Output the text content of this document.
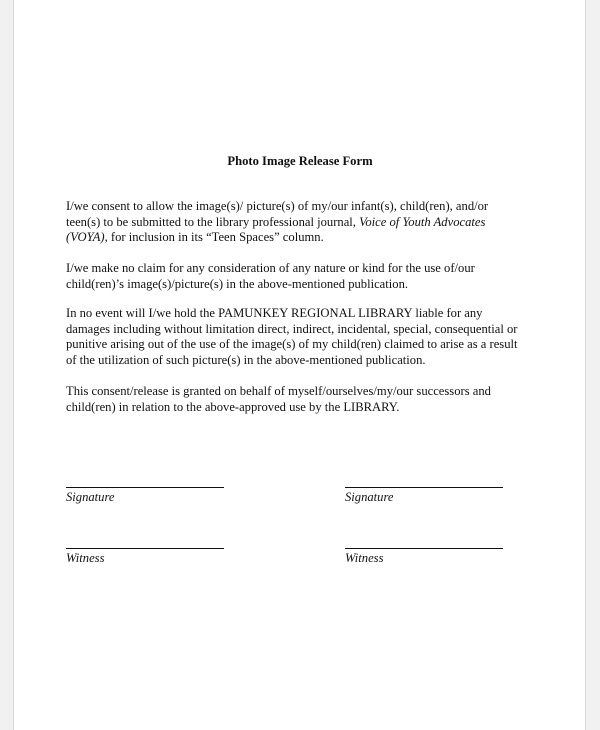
Photo Image Release Form
I/we consent to allow the image(s)/ picture(s) of my/our infant(s), child(ren), and/or
teen(s) to be submitted to the library professional journal, Voice of Youth Advocates
(VOYA), for inclusion in its “Teen Spaces” column.
I/we make no claim for any consideration of any nature or kind for the use of/our
child(ren)’s image(s)/picture(s) in the above-mentioned publication.
In no event will I/we hold the PAMUNKEY REGIONAL LIBRARY liable for any
damages including without limitation direct, indirect, incidental, special, consequential or
punitive arising out of the use of the image(s) of my child(ren) claimed to arise as a result
of the utilization of such picture(s) in the above-mentioned publication.
This consent/release is granted on behalf of myself/ourselves/my/our successors and
child(ren) in relation to the above-approved use by the LIBRARY.
Signature	Signature
Witness	Witness
